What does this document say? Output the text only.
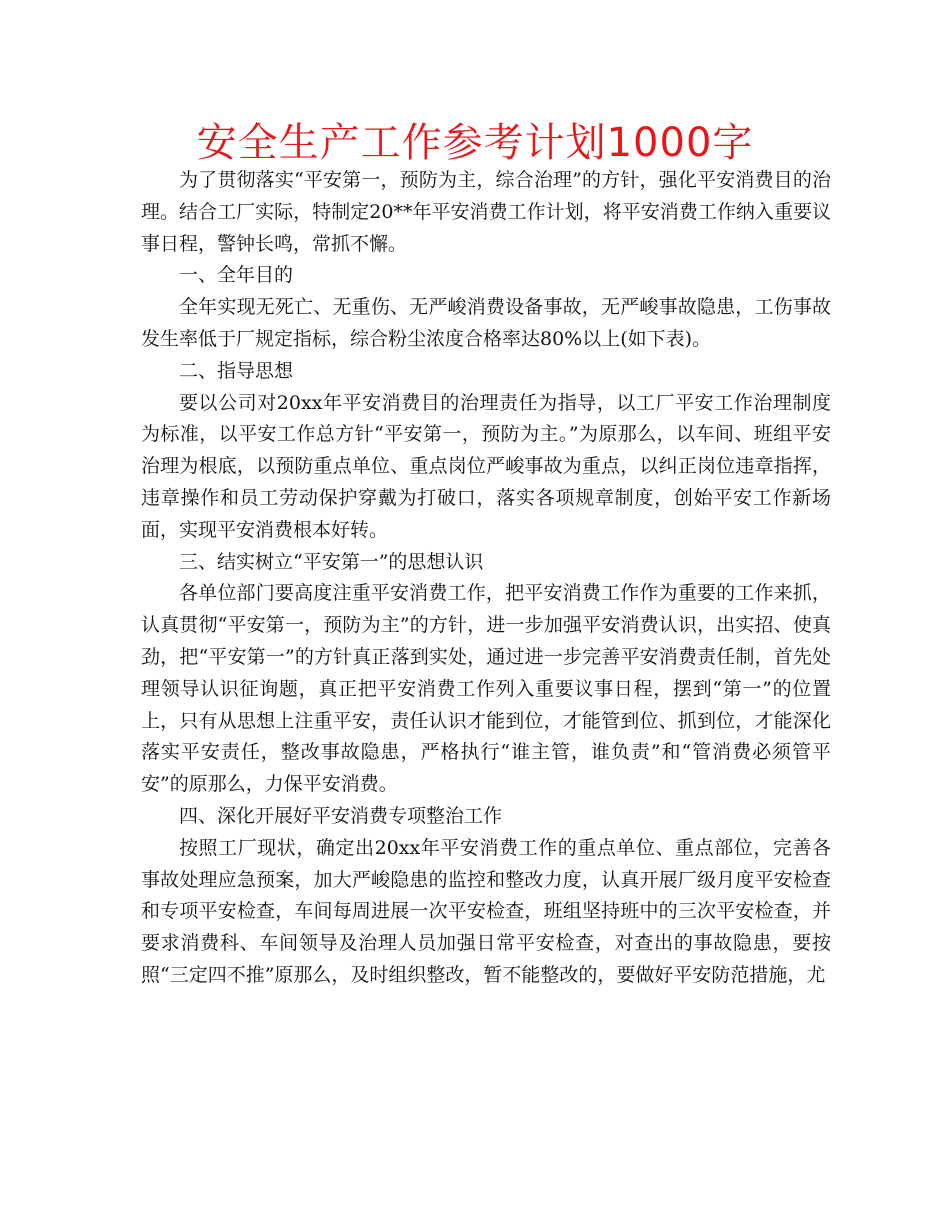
安全生产工作参考计划1000字

为了贯彻落实“平安第一，预防为主，综合治理”的方针，强化平安消费目的治理。结合工厂实际，特制定20**年平安消费工作计划，将平安消费工作纳入重要议事日程，警钟长鸣，常抓不懈。

一、全年目的

全年实现无死亡、无重伤、无严峻消费设备事故，无严峻事故隐患，工伤事故发生率低于厂规定指标，综合粉尘浓度合格率达80%以上(如下表)。

二、指导思想

要以公司对20xx年平安消费目的治理责任为指导，以工厂平安工作治理制度为标准，以平安工作总方针“平安第一，预防为主。”为原那么，以车间、班组平安治理为根底，以预防重点单位、重点岗位严峻事故为重点，以纠正岗位违章指挥，违章操作和员工劳动保护穿戴为打破口，落实各项规章制度，创始平安工作新场面，实现平安消费根本好转。

三、结实树立“平安第一”的思想认识

各单位部门要高度注重平安消费工作，把平安消费工作作为重要的工作来抓，认真贯彻“平安第一，预防为主”的方针，进一步加强平安消费认识，出实招、使真劲，把“平安第一”的方针真正落到实处，通过进一步完善平安消费责任制，首先处理领导认识征询题，真正把平安消费工作列入重要议事日程，摆到“第一”的位置上，只有从思想上注重平安，责任认识才能到位，才能管到位、抓到位，才能深化落实平安责任，整改事故隐患，严格执行“谁主管，谁负责”和“管消费必须管平安”的原那么，力保平安消费。

四、深化开展好平安消费专项整治工作

按照工厂现状，确定出20xx年平安消费工作的重点单位、重点部位，完善各事故处理应急预案，加大严峻隐患的监控和整改力度，认真开展厂级月度平安检查和专项平安检查，车间每周进展一次平安检查，班组坚持班中的三次平安检查，并要求消费科、车间领导及治理人员加强日常平安检查，对查出的事故隐患，要按照“三定四不推”原那么，及时组织整改，暂不能整改的，要做好平安防范措施，尤
